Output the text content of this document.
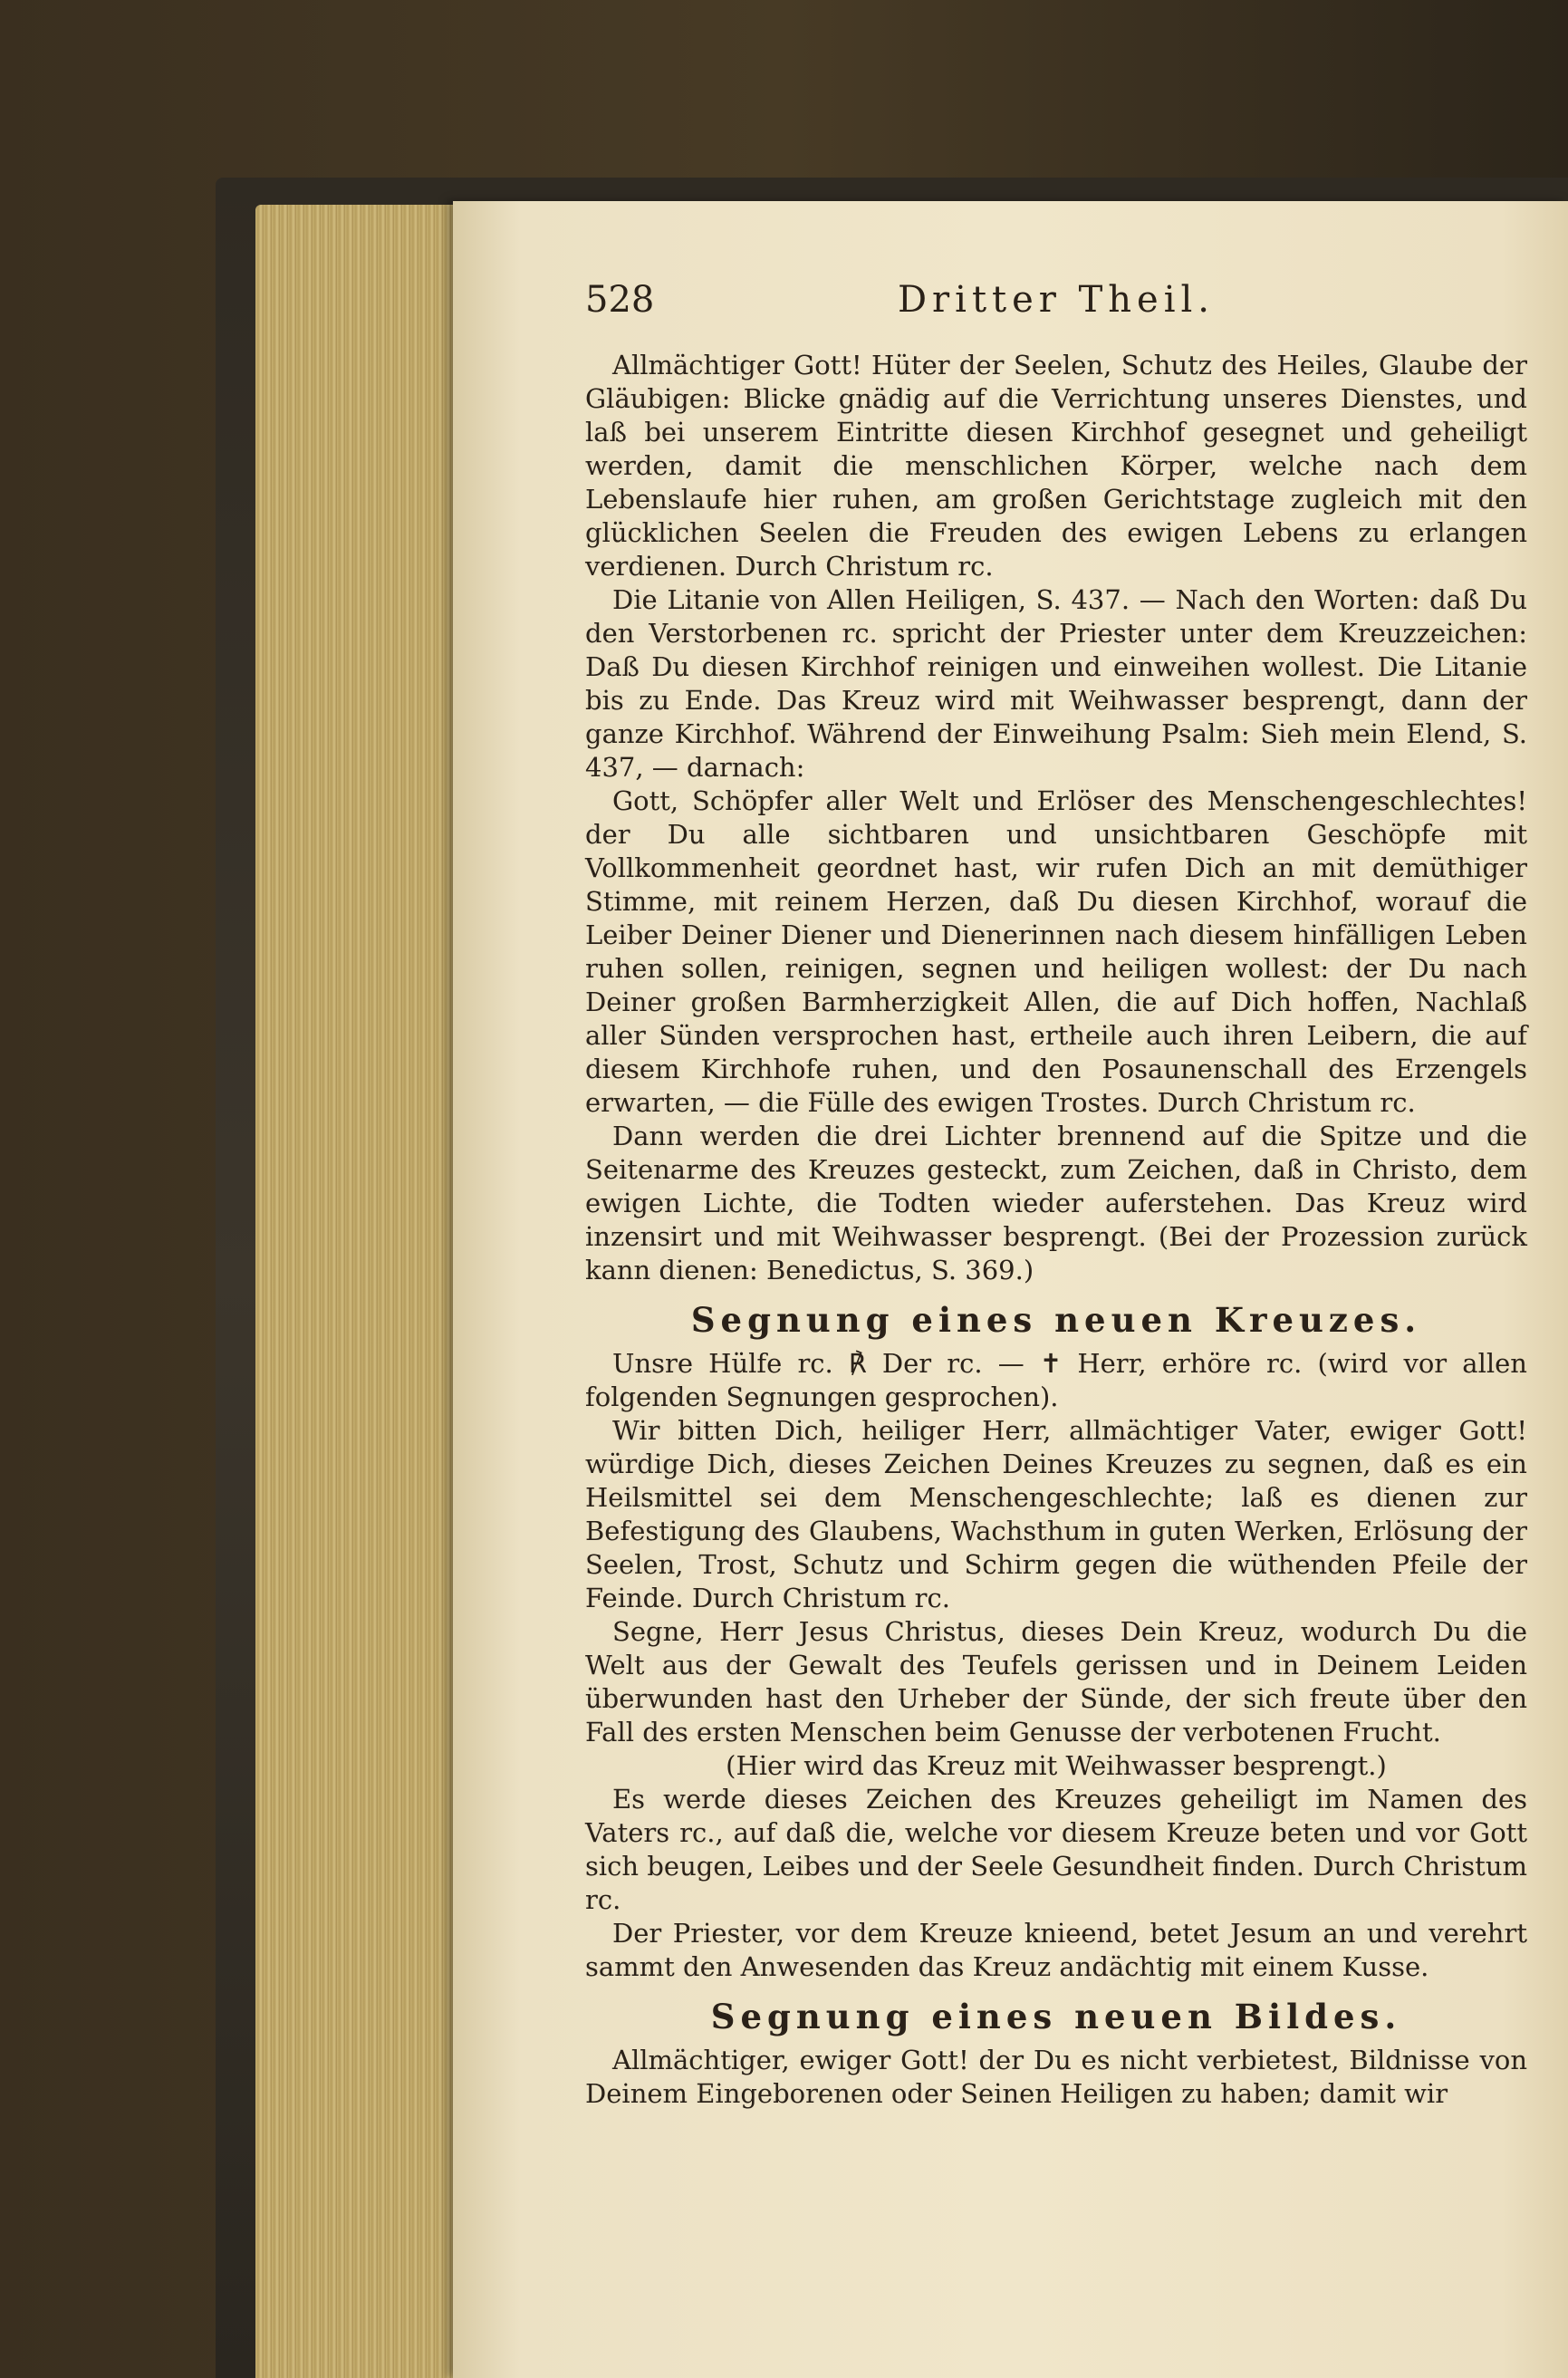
528	Dritter Theil.

Allmächtiger Gott! Hüter der Seelen, Schutz des Heiles, Glaube der Gläubigen: Blicke gnädig auf die Verrichtung unseres Dienstes, und laß bei unserem Eintritte diesen Kirchhof gesegnet und geheiligt werden, damit die menschlichen Körper, welche nach dem Lebenslaufe hier ruhen, am großen Gerichtstage zugleich mit den glücklichen Seelen die Freuden des ewigen Lebens zu erlangen verdienen. Durch Christum rc.

Die Litanie von Allen Heiligen, S. 437. — Nach den Worten: daß Du den Verstorbenen rc. spricht der Priester unter dem Kreuzzeichen: Daß Du diesen Kirchhof reinigen und einweihen wollest. Die Litanie bis zu Ende. Das Kreuz wird mit Weihwasser besprengt, dann der ganze Kirchhof. Während der Einweihung Psalm: Sieh mein Elend, S. 437, — darnach:

Gott, Schöpfer aller Welt und Erlöser des Menschengeschlechtes! der Du alle sichtbaren und unsichtbaren Geschöpfe mit Vollkommenheit geordnet hast, wir rufen Dich an mit demüthiger Stimme, mit reinem Herzen, daß Du diesen Kirchhof, worauf die Leiber Deiner Diener und Dienerinnen nach diesem hinfälligen Leben ruhen sollen, reinigen, segnen und heiligen wollest: der Du nach Deiner großen Barmherzigkeit Allen, die auf Dich hoffen, Nachlaß aller Sünden versprochen hast, ertheile auch ihren Leibern, die auf diesem Kirchhofe ruhen, und den Posaunenschall des Erzengels erwarten, — die Fülle des ewigen Trostes. Durch Christum rc.

Dann werden die drei Lichter brennend auf die Spitze und die Seitenarme des Kreuzes gesteckt, zum Zeichen, daß in Christo, dem ewigen Lichte, die Todten wieder auferstehen. Das Kreuz wird inzensirt und mit Weihwasser besprengt. (Bei der Prozession zurück kann dienen: Benedictus, S. 369.)

Segnung eines neuen Kreuzes.

Unsre Hülfe rc. ℟ Der rc. — ✝ Herr, erhöre rc. (wird vor allen folgenden Segnungen gesprochen).

Wir bitten Dich, heiliger Herr, allmächtiger Vater, ewiger Gott! würdige Dich, dieses Zeichen Deines Kreuzes zu segnen, daß es ein Heilsmittel sei dem Menschengeschlechte; laß es dienen zur Befestigung des Glaubens, Wachsthum in guten Werken, Erlösung der Seelen, Trost, Schutz und Schirm gegen die wüthenden Pfeile der Feinde. Durch Christum rc.

Segne, Herr Jesus Christus, dieses Dein Kreuz, wodurch Du die Welt aus der Gewalt des Teufels gerissen und in Deinem Leiden überwunden hast den Urheber der Sünde, der sich freute über den Fall des ersten Menschen beim Genusse der verbotenen Frucht.

(Hier wird das Kreuz mit Weihwasser besprengt.)

Es werde dieses Zeichen des Kreuzes geheiligt im Namen des Vaters rc., auf daß die, welche vor diesem Kreuze beten und vor Gott sich beugen, Leibes und der Seele Gesundheit finden. Durch Christum rc.

Der Priester, vor dem Kreuze knieend, betet Jesum an und verehrt sammt den Anwesenden das Kreuz andächtig mit einem Kusse.

Segnung eines neuen Bildes.

Allmächtiger, ewiger Gott! der Du es nicht verbietest, Bildnisse von Deinem Eingeborenen oder Seinen Heiligen zu haben; damit wir
